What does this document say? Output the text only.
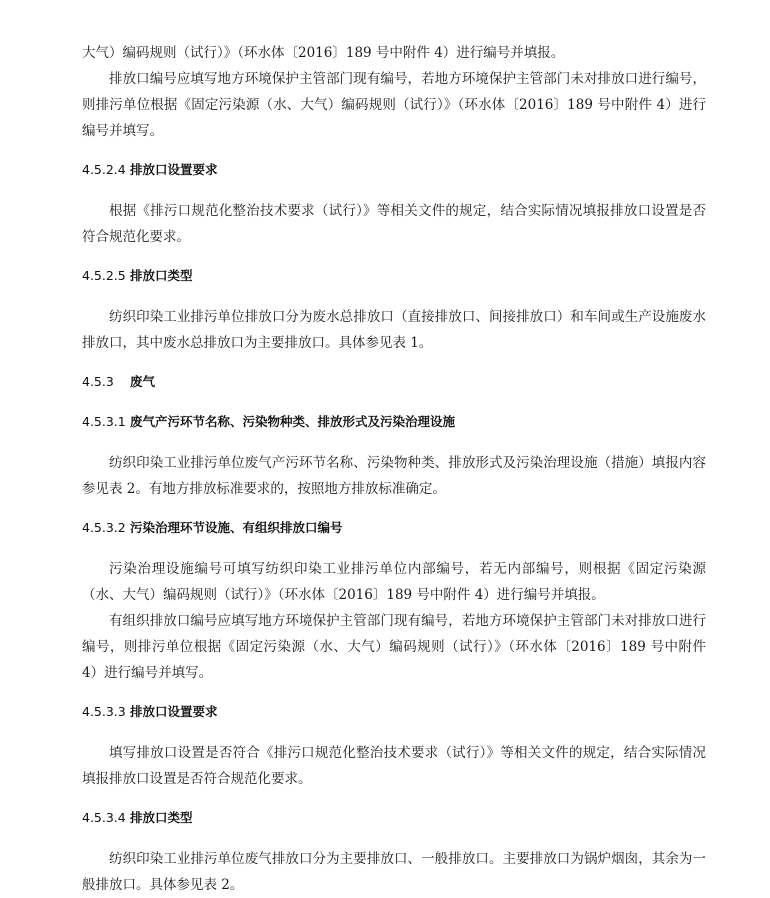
大气）编码规则（试行）》（环水体〔2016〕189 号中附件 4）进行编号并填报。

排放口编号应填写地方环境保护主管部门现有编号，若地方环境保护主管部门未对排放口进行编号，则排污单位根据《固定污染源（水、大气）编码规则（试行）》（环水体〔2016〕189 号中附件 4）进行编号并填写。

4.5.2.4 排放口设置要求

根据《排污口规范化整治技术要求（试行）》等相关文件的规定，结合实际情况填报排放口设置是否符合规范化要求。

4.5.2.5 排放口类型

纺织印染工业排污单位排放口分为废水总排放口（直接排放口、间接排放口）和车间或生产设施废水排放口，其中废水总排放口为主要排放口。具体参见表 1。

4.5.3 废气
4.5.3.1 废气产污环节名称、污染物种类、排放形式及污染治理设施

纺织印染工业排污单位废气产污环节名称、污染物种类、排放形式及污染治理设施（措施）填报内容参见表 2。有地方排放标准要求的，按照地方排放标准确定。

4.5.3.2 污染治理环节设施、有组织排放口编号

污染治理设施编号可填写纺织印染工业排污单位内部编号，若无内部编号，则根据《固定污染源（水、大气）编码规则（试行）》（环水体〔2016〕189 号中附件 4）进行编号并填报。

有组织排放口编号应填写地方环境保护主管部门现有编号，若地方环境保护主管部门未对排放口进行编号，则排污单位根据《固定污染源（水、大气）编码规则（试行）》（环水体〔2016〕189 号中附件 4）进行编号并填写。

4.5.3.3 排放口设置要求

填写排放口设置是否符合《排污口规范化整治技术要求（试行）》等相关文件的规定，结合实际情况填报排放口设置是否符合规范化要求。

4.5.3.4 排放口类型

纺织印染工业排污单位废气排放口分为主要排放口、一般排放口。主要排放口为锅炉烟囱，其余为一般排放口。具体参见表 2。
